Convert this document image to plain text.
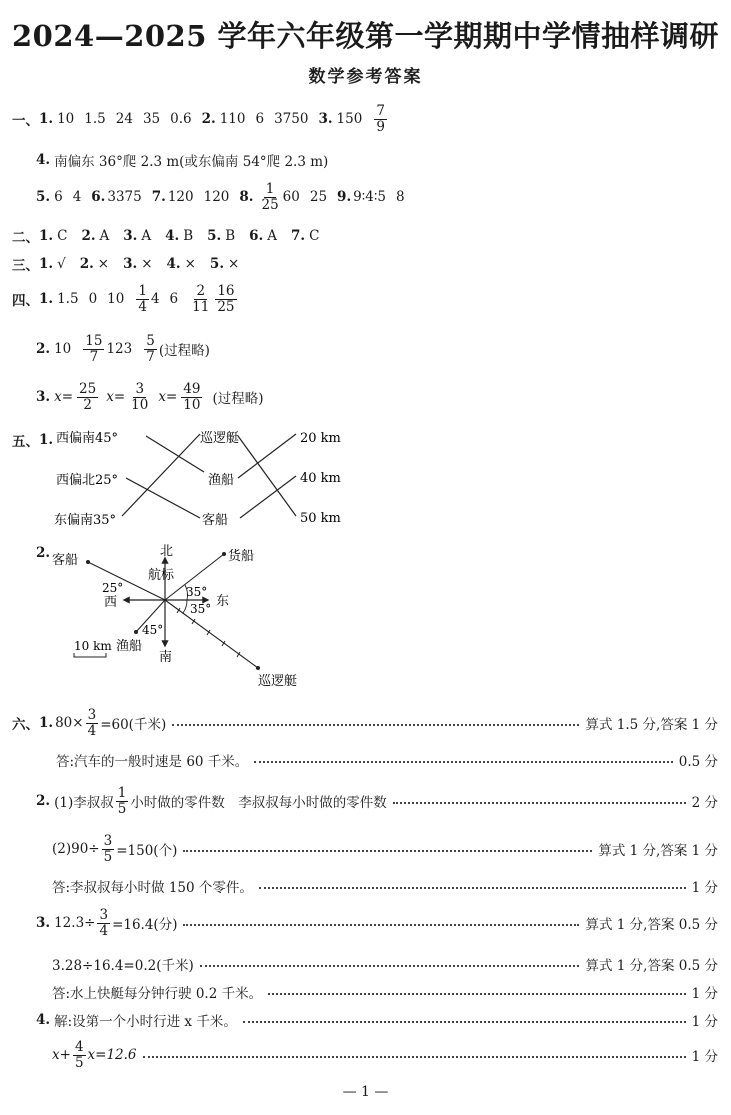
2024—2025 学年六年级第一学期期中学情抽样调研
数学参考答案
一、 1. 10 1.5 24 35 0.6 2. 110 6 3750 3. $150 \frac{7}{9}$
4. 南偏东 36°爬 2.3 m(或东偏南 54°爬 2.3 m)
5. 6 4 6. 3375 7. 120 120 8. $\frac{1}{25} 60$ 25 9. 9∶4∶5 8
二、 1. C 2. A 3. A 4. B 5. B 6. A 7. C
三、 1. √ 2. × 3. × 4. × 5. ×
四、 1. 1.5 0 $10 \frac{1}{4} 4$ $6 \frac{2}{11} \frac{16}{25}$
2. $10 \frac{15}{7} 123 \frac{5}{7}$ (过程略)
3. $x = \frac{25}{2}$ $x = \frac{3}{10}$ $x = \frac{49}{10}$ (过程略)
五、 1. 西偏南45°
西偏北25°
东偏南35°
巡逻艇
渔船
客船
20 km
40 km
50 km
2.	北
南
东
西
航标
客船	货船
渔船
巡逻艇
25°	35°
35°
45°
10 km
六、 1. $80\times \frac{3}{4} =60$(千米)	算式 1.5 分,答案 1 分
答:汽车的一般时速是 60 千米。	0.5 分
2. (1)李叔叔 $\frac{1}{5}$ 小时做的零件数　李叔叔每小时做的零件数	2 分
$(2)90\div \frac{3}{5} =150$(个)	算式 1 分,答案 1 分
答:李叔叔每小时做 150 个零件。	1 分
3. $12.3\div \frac{3}{4} =16.4$(分)	算式 1 分,答案 0.5 分
3.28÷16.4=0.2(千米)	算式 1 分,答案 0.5 分
答:水上快艇每分钟行驶 0.2 千米。	1 分
4. 解:设第一个小时行进 x 千米。	1 分
$x+ \frac{4}{5} x=12.6$	1 分
— 1 —
